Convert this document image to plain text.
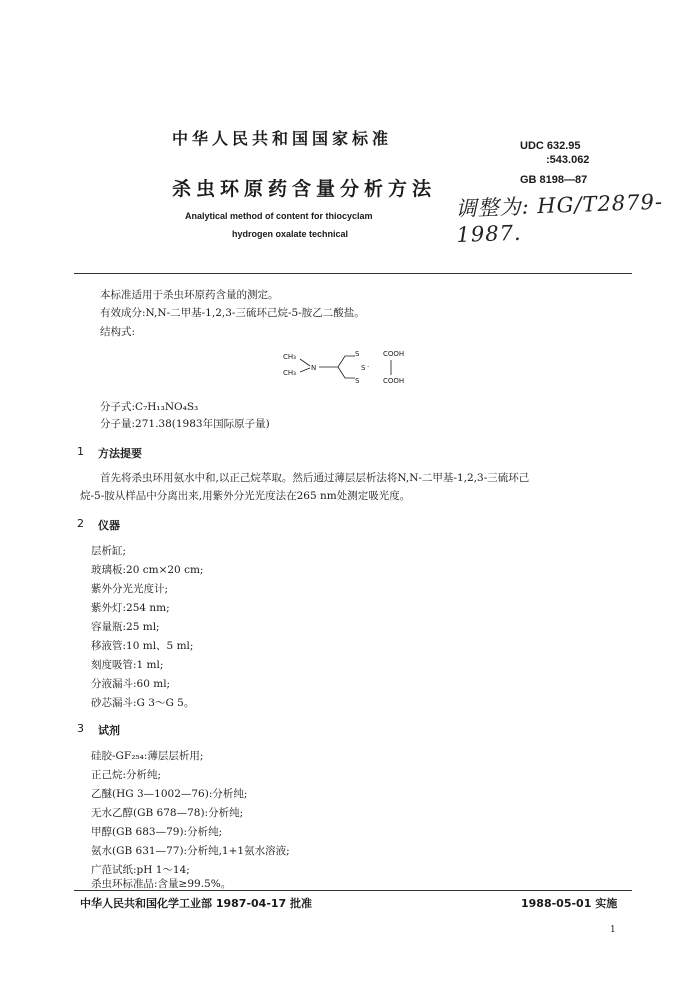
中华人民共和国国家标准
杀虫环原药含量分析方法
Analytical method of content for thiocyclam
hydrogen oxalate technical
UDC 632.95
:543.062
GB 8198—87
调整为: HG/T2879-1987.
本标准适用于杀虫环原药含量的测定。
有效成分:N,N-二甲基-1,2,3-三硫环己烷-5-胺乙二酸盐。
结构式:
CH₃
CH₃
N
S
S
S
·
COOH
COOH
分子式:C₇H₁₃NO₄S₃
分子量:271.38(1983年国际原子量)
1 方法提要
首先将杀虫环用氨水中和,以正己烷萃取。然后通过薄层层析法将N,N-二甲基-1,2,3-三硫环己
烷-5-胺从样品中分离出来,用紫外分光光度法在265 nm处测定吸光度。
2 仪器
层析缸;
玻璃板:20 cm×20 cm;
紫外分光光度计;
紫外灯:254 nm;
容量瓶:25 ml;
移液管:10 ml、5 ml;
刻度吸管:1 ml;
分液漏斗:60 ml;
砂芯漏斗:G 3～G 5。
3 试剂
硅胶-GF₂₅₄:薄层层析用;
正己烷:分析纯;
乙醚(HG 3—1002—76):分析纯;
无水乙醇(GB 678—78):分析纯;
甲醇(GB 683—79):分析纯;
氨水(GB 631—77):分析纯,1+1氨水溶液;
广范试纸:pH 1～14;
杀虫环标准品:含量≥99.5%。
中华人民共和国化学工业部 1987-04-17 批准	1988-05-01 实施
1
